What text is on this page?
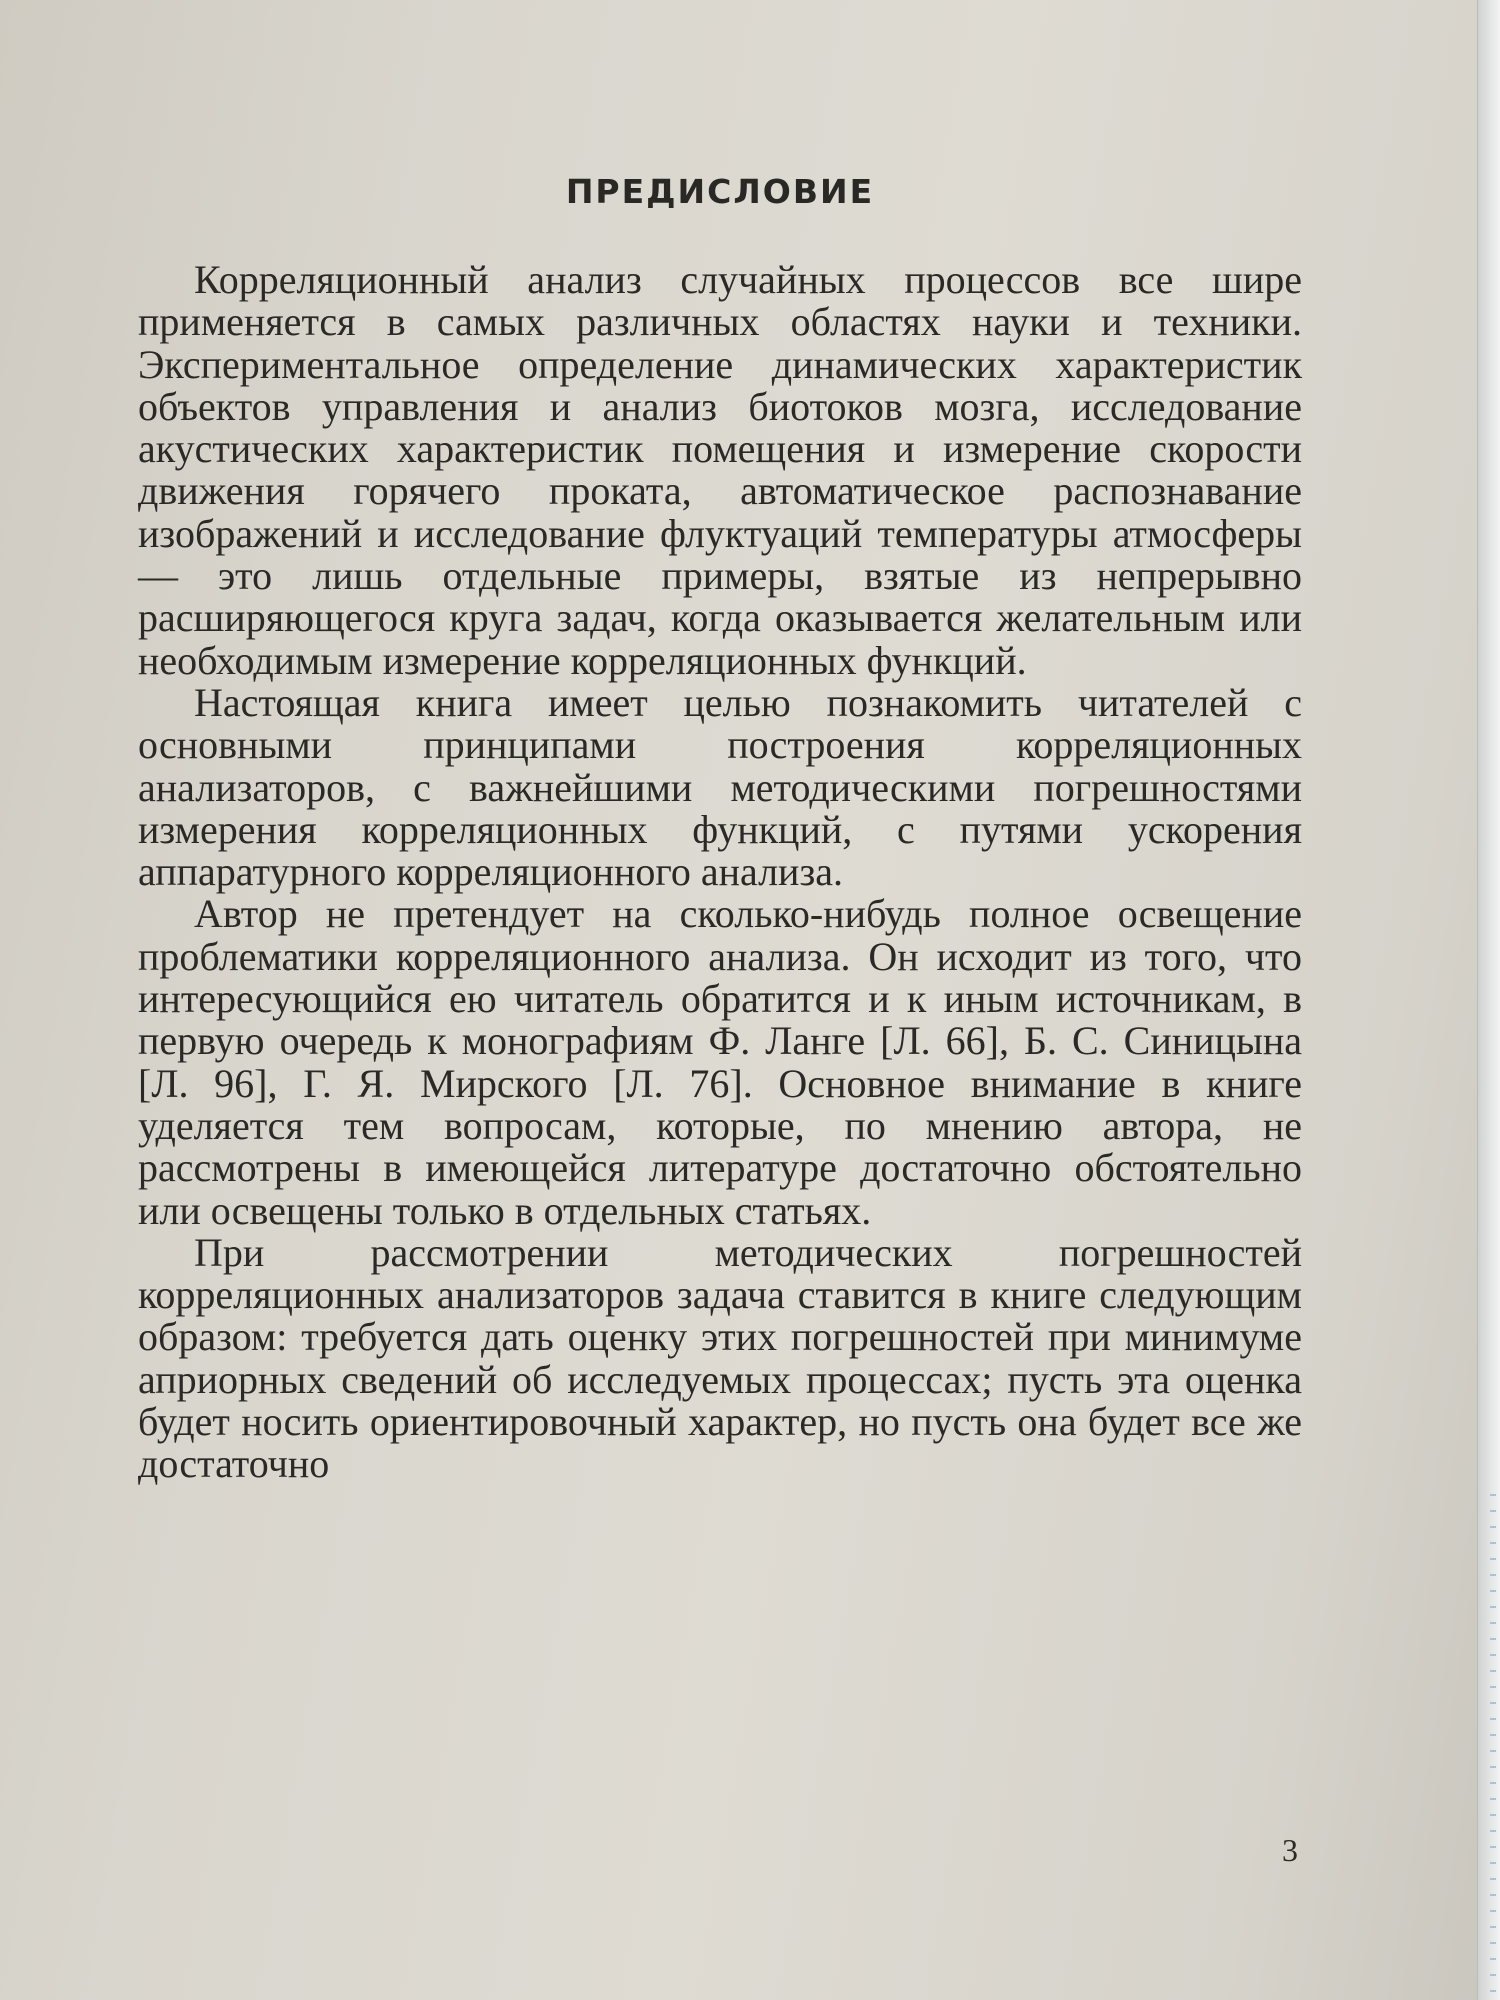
ПРЕДИСЛОВИЕ

Корреляционный анализ случайных процессов все шире применяется в самых различных областях науки и техники. Экспериментальное определение динамических характеристик объектов управления и анализ биотоков мозга, исследование акустических характеристик помещения и измерение скорости движения горячего проката, автоматическое распознавание изображений и исследование флуктуаций температуры атмосферы — это лишь отдельные примеры, взятые из непрерывно расширяющегося круга задач, когда оказывается желательным или необходимым измерение корреляционных функций.

Настоящая книга имеет целью познакомить читателей с основными принципами построения корреляционных анализаторов, с важнейшими методическими погрешностями измерения корреляционных функций, с путями ускорения аппаратурного корреляционного анализа.

Автор не претендует на сколько-нибудь полное освещение проблематики корреляционного анализа. Он исходит из того, что интересующийся ею читатель обратится и к иным источникам, в первую очередь к монографиям Ф. Ланге [Л. 66], Б. С. Синицына [Л. 96], Г. Я. Мирского [Л. 76]. Основное внимание в книге уделяется тем вопросам, которые, по мнению автора, не рассмотрены в имеющейся литературе достаточно обстоятельно или освещены только в отдельных статьях.

При рассмотрении методических погрешностей корреляционных анализаторов задача ставится в книге следующим образом: требуется дать оценку этих погрешностей при минимуме априорных сведений об исследуемых процессах; пусть эта оценка будет носить ориентировочный характер, но пусть она будет все же достаточно

3
